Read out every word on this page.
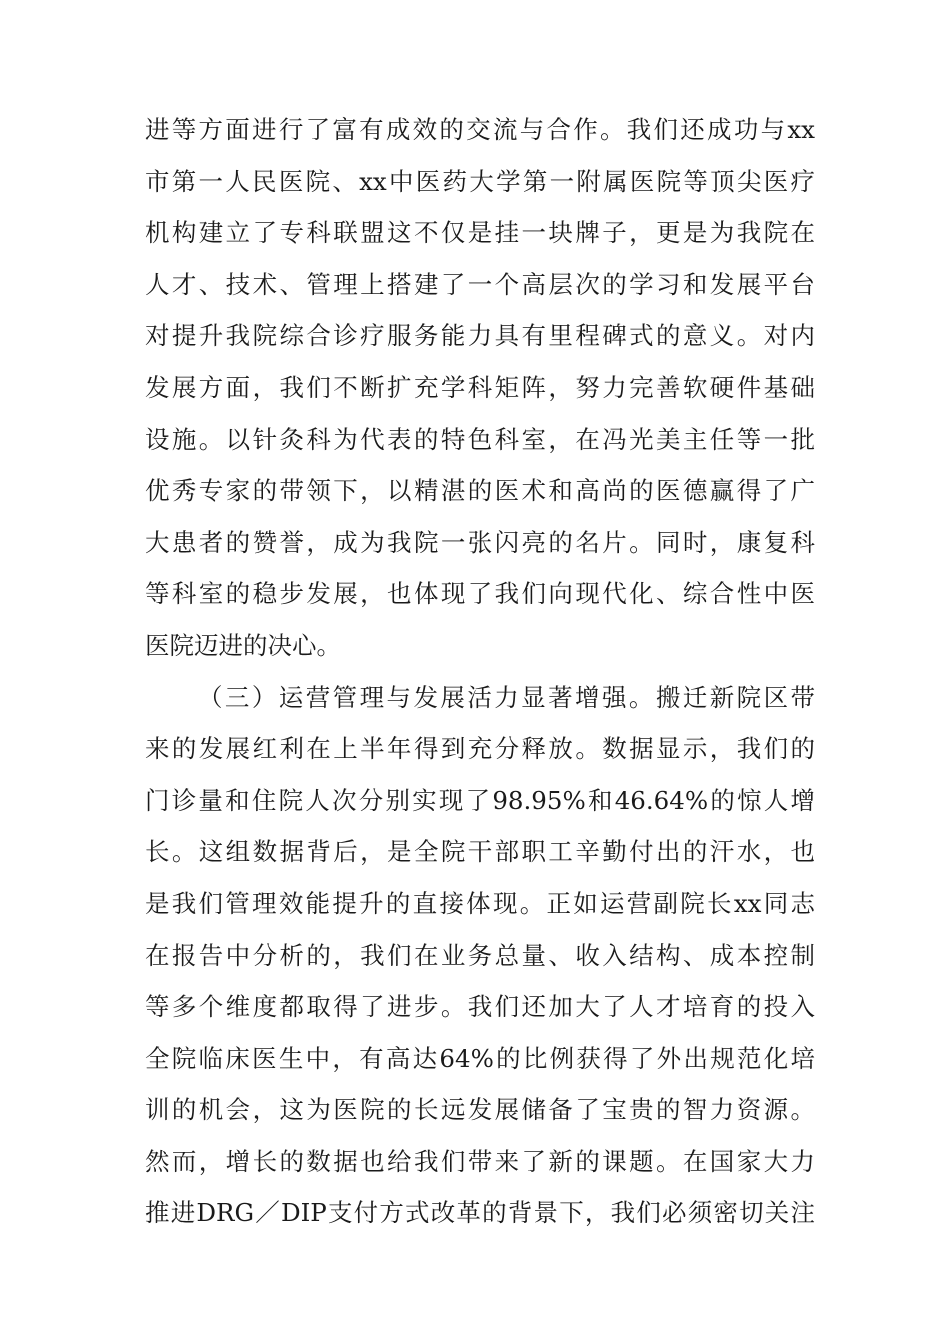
进等方面进行了富有成效的交流与合作。我们还成功与xx
市第一人民医院、xx中医药大学第一附属医院等顶尖医疗
机构建立了专科联盟这不仅是挂一块牌子，更是为我院在
人才、技术、管理上搭建了一个高层次的学习和发展平台
对提升我院综合诊疗服务能力具有里程碑式的意义。对内
发展方面，我们不断扩充学科矩阵，努力完善软硬件基础
设施。以针灸科为代表的特色科室，在冯光美主任等一批
优秀专家的带领下，以精湛的医术和高尚的医德赢得了广
大患者的赞誉，成为我院一张闪亮的名片。同时，康复科
等科室的稳步发展，也体现了我们向现代化、综合性中医
医院迈进的决心。
（三）运营管理与发展活力显著增强。搬迁新院区带
来的发展红利在上半年得到充分释放。数据显示，我们的
门诊量和住院人次分别实现了98.95%和46.64%的惊人增
长。这组数据背后，是全院干部职工辛勤付出的汗水，也
是我们管理效能提升的直接体现。正如运营副院长xx同志
在报告中分析的，我们在业务总量、收入结构、成本控制
等多个维度都取得了进步。我们还加大了人才培育的投入
全院临床医生中，有高达64%的比例获得了外出规范化培
训的机会，这为医院的长远发展储备了宝贵的智力资源。
然而，增长的数据也给我们带来了新的课题。在国家大力
推进DRG／DIP支付方式改革的背景下，我们必须密切关注
